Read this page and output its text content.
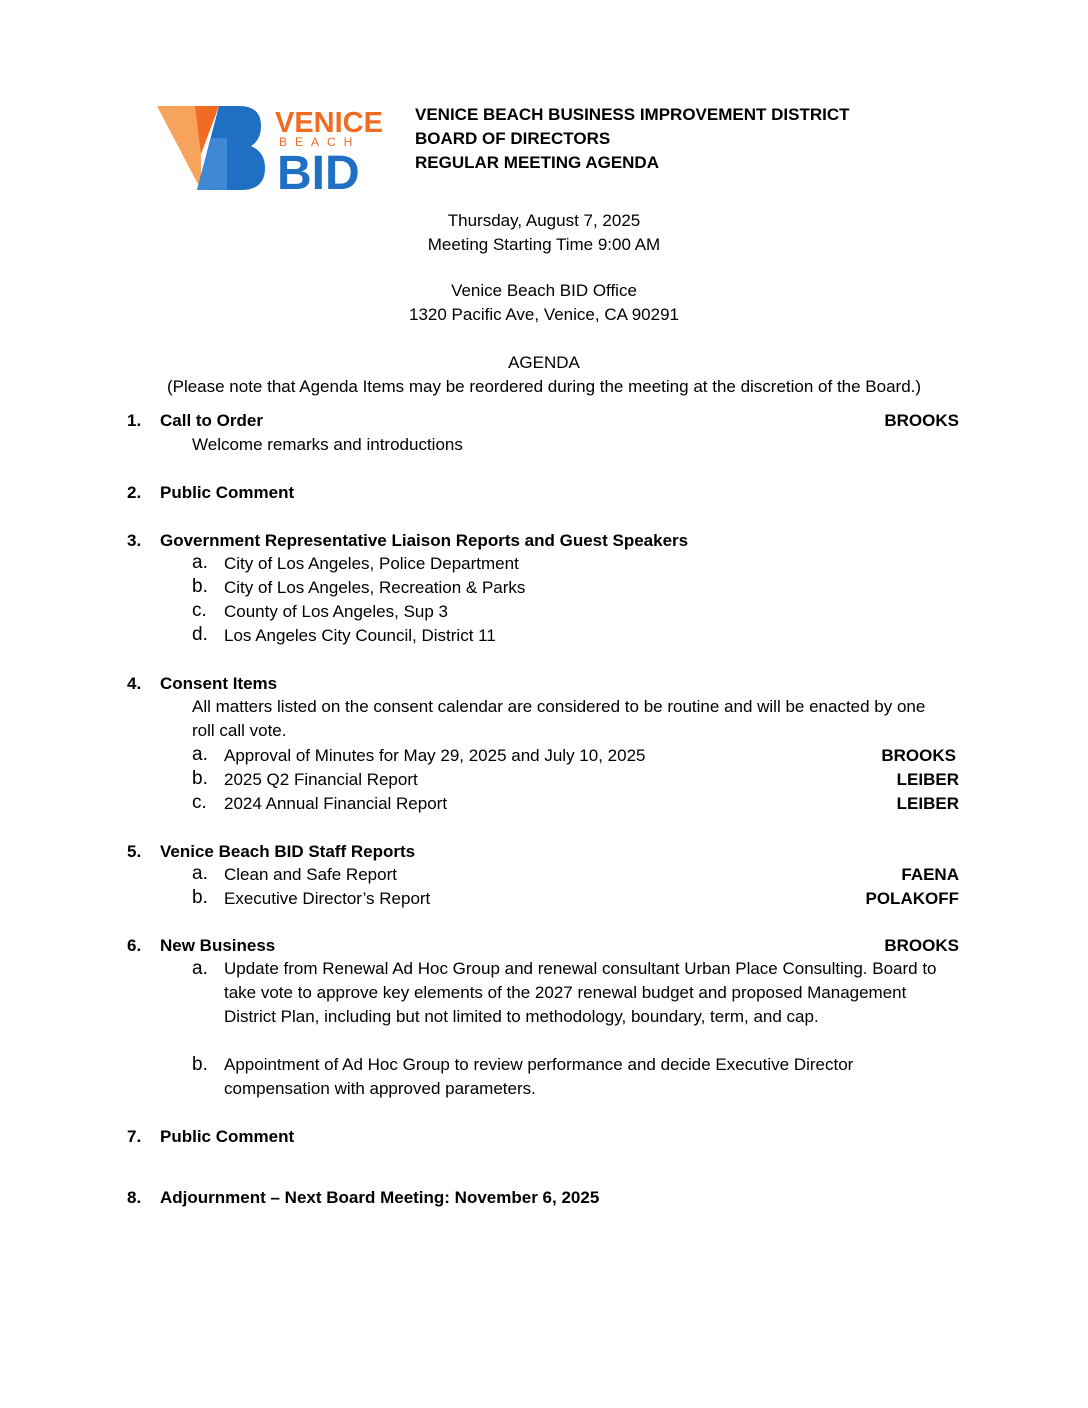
VENICE
BEACH
BID
VENICE BEACH BUSINESS IMPROVEMENT DISTRICT
BOARD OF DIRECTORS
REGULAR MEETING AGENDA
Thursday, August 7, 2025
Meeting Starting Time 9:00 AM
Venice Beach BID Office
1320 Pacific Ave, Venice, CA 90291
AGENDA
(Please note that Agenda Items may be reordered during the meeting at the discretion of the Board.)
1. Call to Order	BROOKS
Welcome remarks and introductions
2. Public Comment
3. Government Representative Liaison Reports and Guest Speakers
a. City of Los Angeles, Police Department
b. City of Los Angeles, Recreation & Parks
c. County of Los Angeles, Sup 3
d. Los Angeles City Council, District 11
4. Consent Items
All matters listed on the consent calendar are considered to be routine and will be enacted by one roll call vote.
a. Approval of Minutes for May 29, 2025 and July 10, 2025	BROOKS
b. 2025 Q2 Financial Report	LEIBER
c. 2024 Annual Financial Report	LEIBER
5. Venice Beach BID Staff Reports
a. Clean and Safe Report	FAENA
b. Executive Director’s Report	POLAKOFF
6. New Business	BROOKS
a. Update from Renewal Ad Hoc Group and renewal consultant Urban Place Consulting. Board to take vote to approve key elements of the 2027 renewal budget and proposed Management District Plan, including but not limited to methodology, boundary, term, and cap.
b. Appointment of Ad Hoc Group to review performance and decide Executive Director compensation with approved parameters.
7. Public Comment
8. Adjournment – Next Board Meeting: November 6, 2025
